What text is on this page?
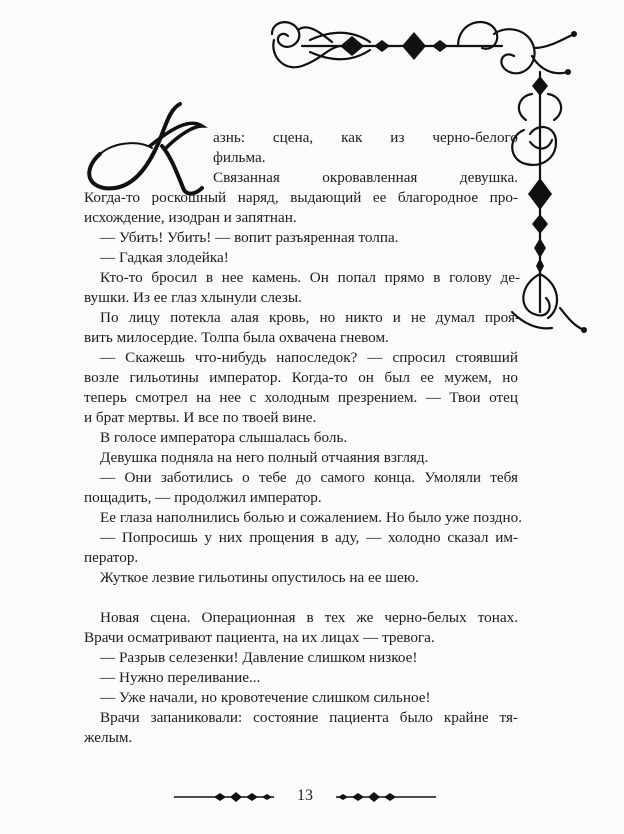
К
азнь: сцена, как из черно-белого
фильма.
Связанная окровавленная девушка.
Когда-то роскошный наряд, выдающий ее благородное про-
исхождение, изодран и запятнан.
— Убить! Убить! — вопит разъяренная толпа.
— Гадкая злодейка!
Кто-то бросил в нее камень. Он попал прямо в голову де-
вушки. Из ее глаз хлынули слезы.
По лицу потекла алая кровь, но никто и не думал проя-
вить милосердие. Толпа была охвачена гневом.
— Скажешь что-нибудь напоследок? — спросил стоявший
возле гильотины император. Когда-то он был ее мужем, но
теперь смотрел на нее с холодным презрением. — Твои отец
и брат мертвы. И все по твоей вине.
В голосе императора слышалась боль.
Девушка подняла на него полный отчаяния взгляд.
— Они заботились о тебе до самого конца. Умоляли тебя
пощадить, — продолжил император.
Ее глаза наполнились болью и сожалением. Но было уже поздно.
— Попросишь у них прощения в аду, — холодно сказал им-
ператор.
Жуткое лезвие гильотины опустилось на ее шею.
Новая сцена. Операционная в тех же черно-белых тонах.
Врачи осматривают пациента, на их лицах — тревога.
— Разрыв селезенки! Давление слишком низкое!
— Нужно переливание...
— Уже начали, но кровотечение слишком сильное!
Врачи запаниковали: состояние пациента было крайне тя-
желым.
13
